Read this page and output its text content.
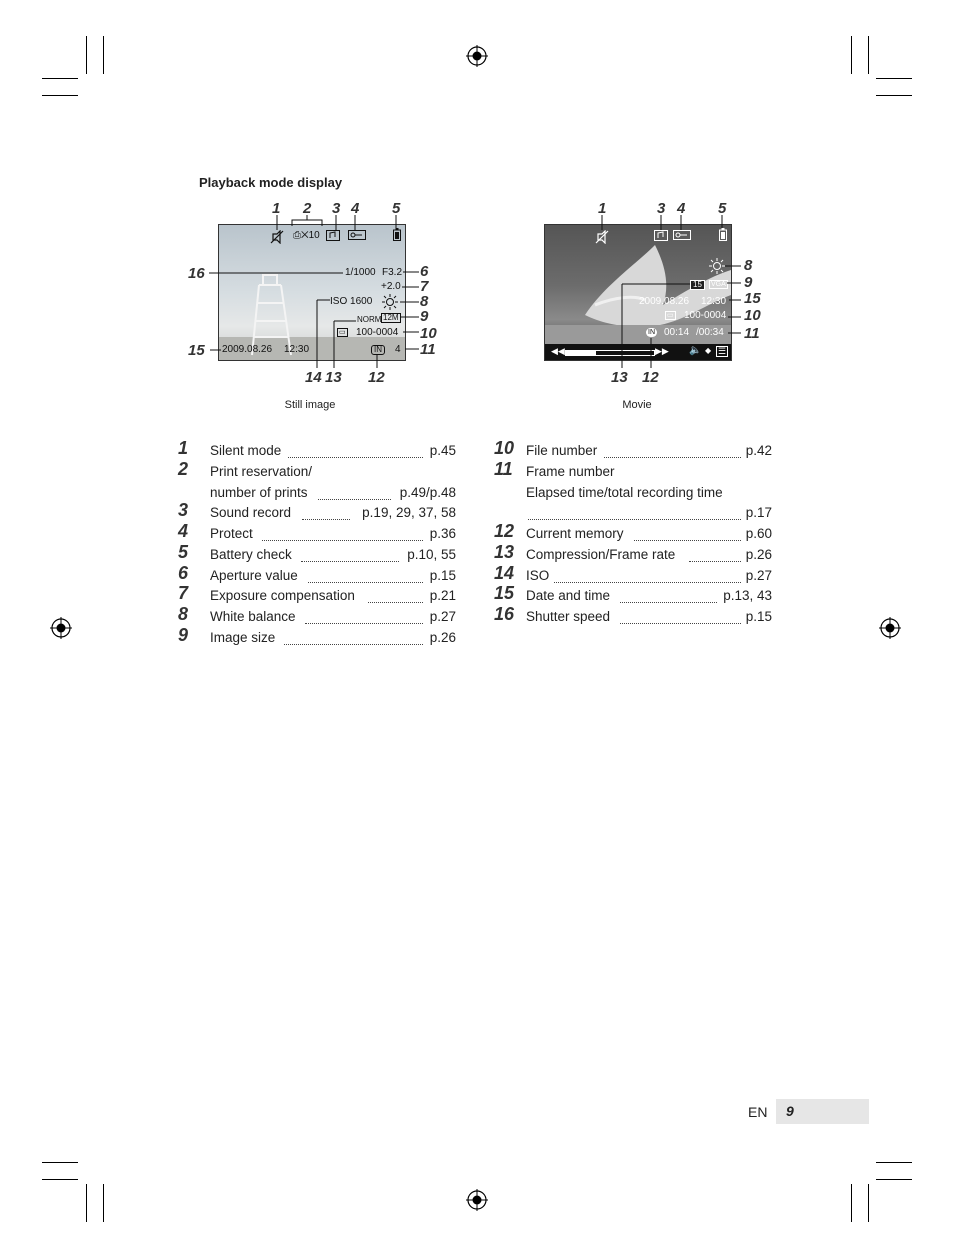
Playback mode display
⎙✕10
1/1000 F3.2
+2.0
ISO 1600
NORM 12M
▭ 100-0004
2009.08.26 12:30	IN	4
1 2 3 4 5
6
7
8
9
10
11
12
13
14
15
16
Still image
15	VGA
2009.08.26 12:30
▭ 100-0004
IN 00:14 /00:34
◀◀	▶▶ 🔈 ◆ ☰
1	3 4 5
8
9
15
10
11
13 12
Movie
1	Silent mode	p.45
2	Print reservation/
number of prints	p.49/p.48
3	Sound record	p.19, 29, 37, 58
4	Protect	p.36
5	Battery check	p.10, 55
6	Aperture value	p.15
7	Exposure compensation	p.21
8	White balance	p.27
9	Image size	p.26
10 File number	p.42
11 Frame number
Elapsed time/total recording time
p.17
12 Current memory	p.60
13 Compression/Frame rate	p.26
14 ISO	p.27
15 Date and time	p.13, 43
16 Shutter speed	p.15
EN 9
